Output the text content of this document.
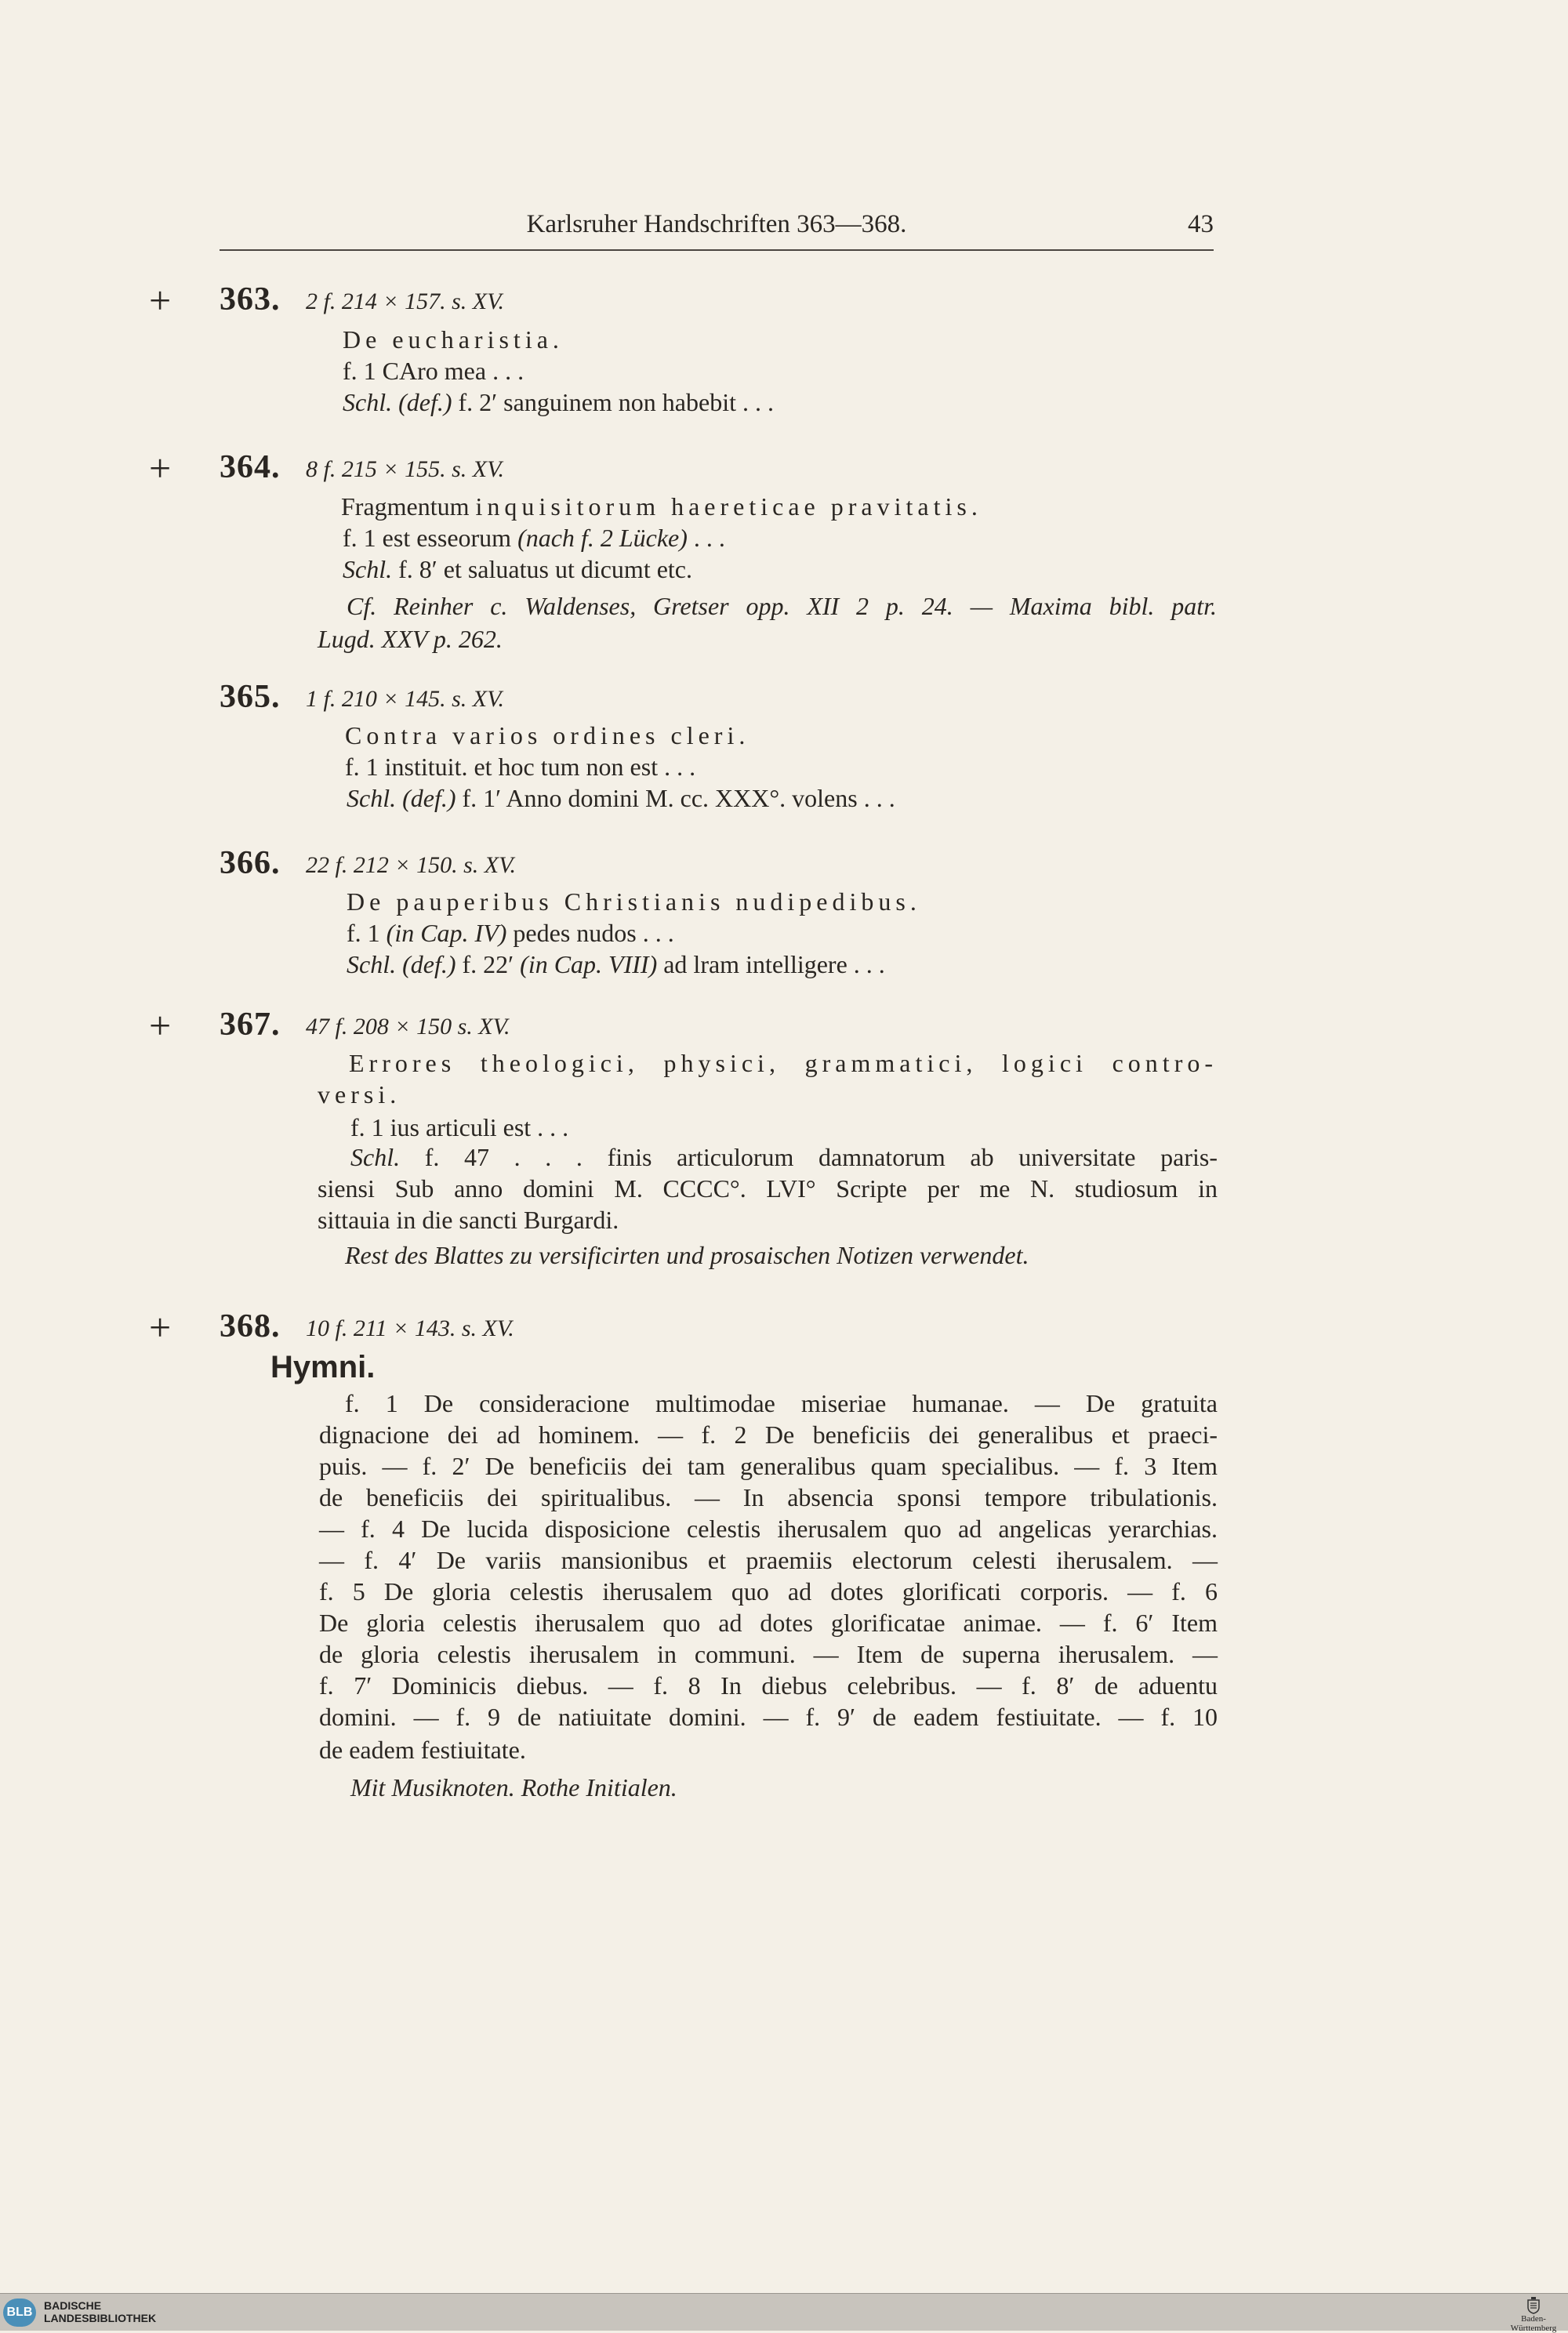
Karlsruher Handschriften 363—368.	43
+ 363. 2 f. 214 × 157. s. XV.
De eucharistia.
f. 1 CAro mea . . .
Schl. (def.) f. 2′ sanguinem non habebit . . .
+ 364. 8 f. 215 × 155. s. XV.
Fragmentum inquisitorum haereticae pravitatis.
f. 1 est esseorum (nach f. 2 Lücke) . . .
Schl. f. 8′ et saluatus ut dicumt etc.
Cf. Reinher c. Waldenses, Gretser opp. XII 2 p. 24. — Maxima bibl. patr.
Lugd. XXV p. 262.
365. 1 f. 210 × 145. s. XV.
Contra varios ordines cleri.
f. 1 instituit. et hoc tum non est . . .
Schl. (def.) f. 1′ Anno domini M. cc. XXX°. volens . . .
366. 22 f. 212 × 150. s. XV.
De pauperibus Christianis nudipedibus.
f. 1 (in Cap. IV) pedes nudos . . .
Schl. (def.) f. 22′ (in Cap. VIII) ad lram intelligere . . .
+ 367. 47 f. 208 × 150 s. XV.
Errores theologici, physici, grammatici, logici contro-
versi.
f. 1 ius articuli est . . .
Schl. f. 47 . . . finis articulorum damnatorum ab universitate paris-
siensi Sub anno domini M. CCCC°. LVI° Scripte per me N. studiosum in
sittauia in die sancti Burgardi.
Rest des Blattes zu versificirten und prosaischen Notizen verwendet.
+ 368. 10 f. 211 × 143. s. XV.
Hymni.
f. 1 De consideracione multimodae miseriae humanae. — De gratuita
dignacione dei ad hominem. — f. 2 De beneficiis dei generalibus et praeci-
puis. — f. 2′ De beneficiis dei tam generalibus quam specialibus. — f. 3 Item
de beneficiis dei spiritualibus. — In absencia sponsi tempore tribulationis.
— f. 4 De lucida disposicione celestis iherusalem quo ad angelicas yerarchias.
— f. 4′ De variis mansionibus et praemiis electorum celesti iherusalem. —
f. 5 De gloria celestis iherusalem quo ad dotes glorificati corporis. — f. 6
De gloria celestis iherusalem quo ad dotes glorificatae animae. — f. 6′ Item
de gloria celestis iherusalem in communi. — Item de superna iherusalem. —
f. 7′ Dominicis diebus. — f. 8 In diebus celebribus. — f. 8′ de aduentu
domini. — f. 9 de natiuitate domini. — f. 9′ de eadem festiuitate. — f. 10
de eadem festiuitate.
Mit Musiknoten. Rothe Initialen.
BLB	BADISCHE
LANDESBIBLIOTHEK	Baden-Württemberg
